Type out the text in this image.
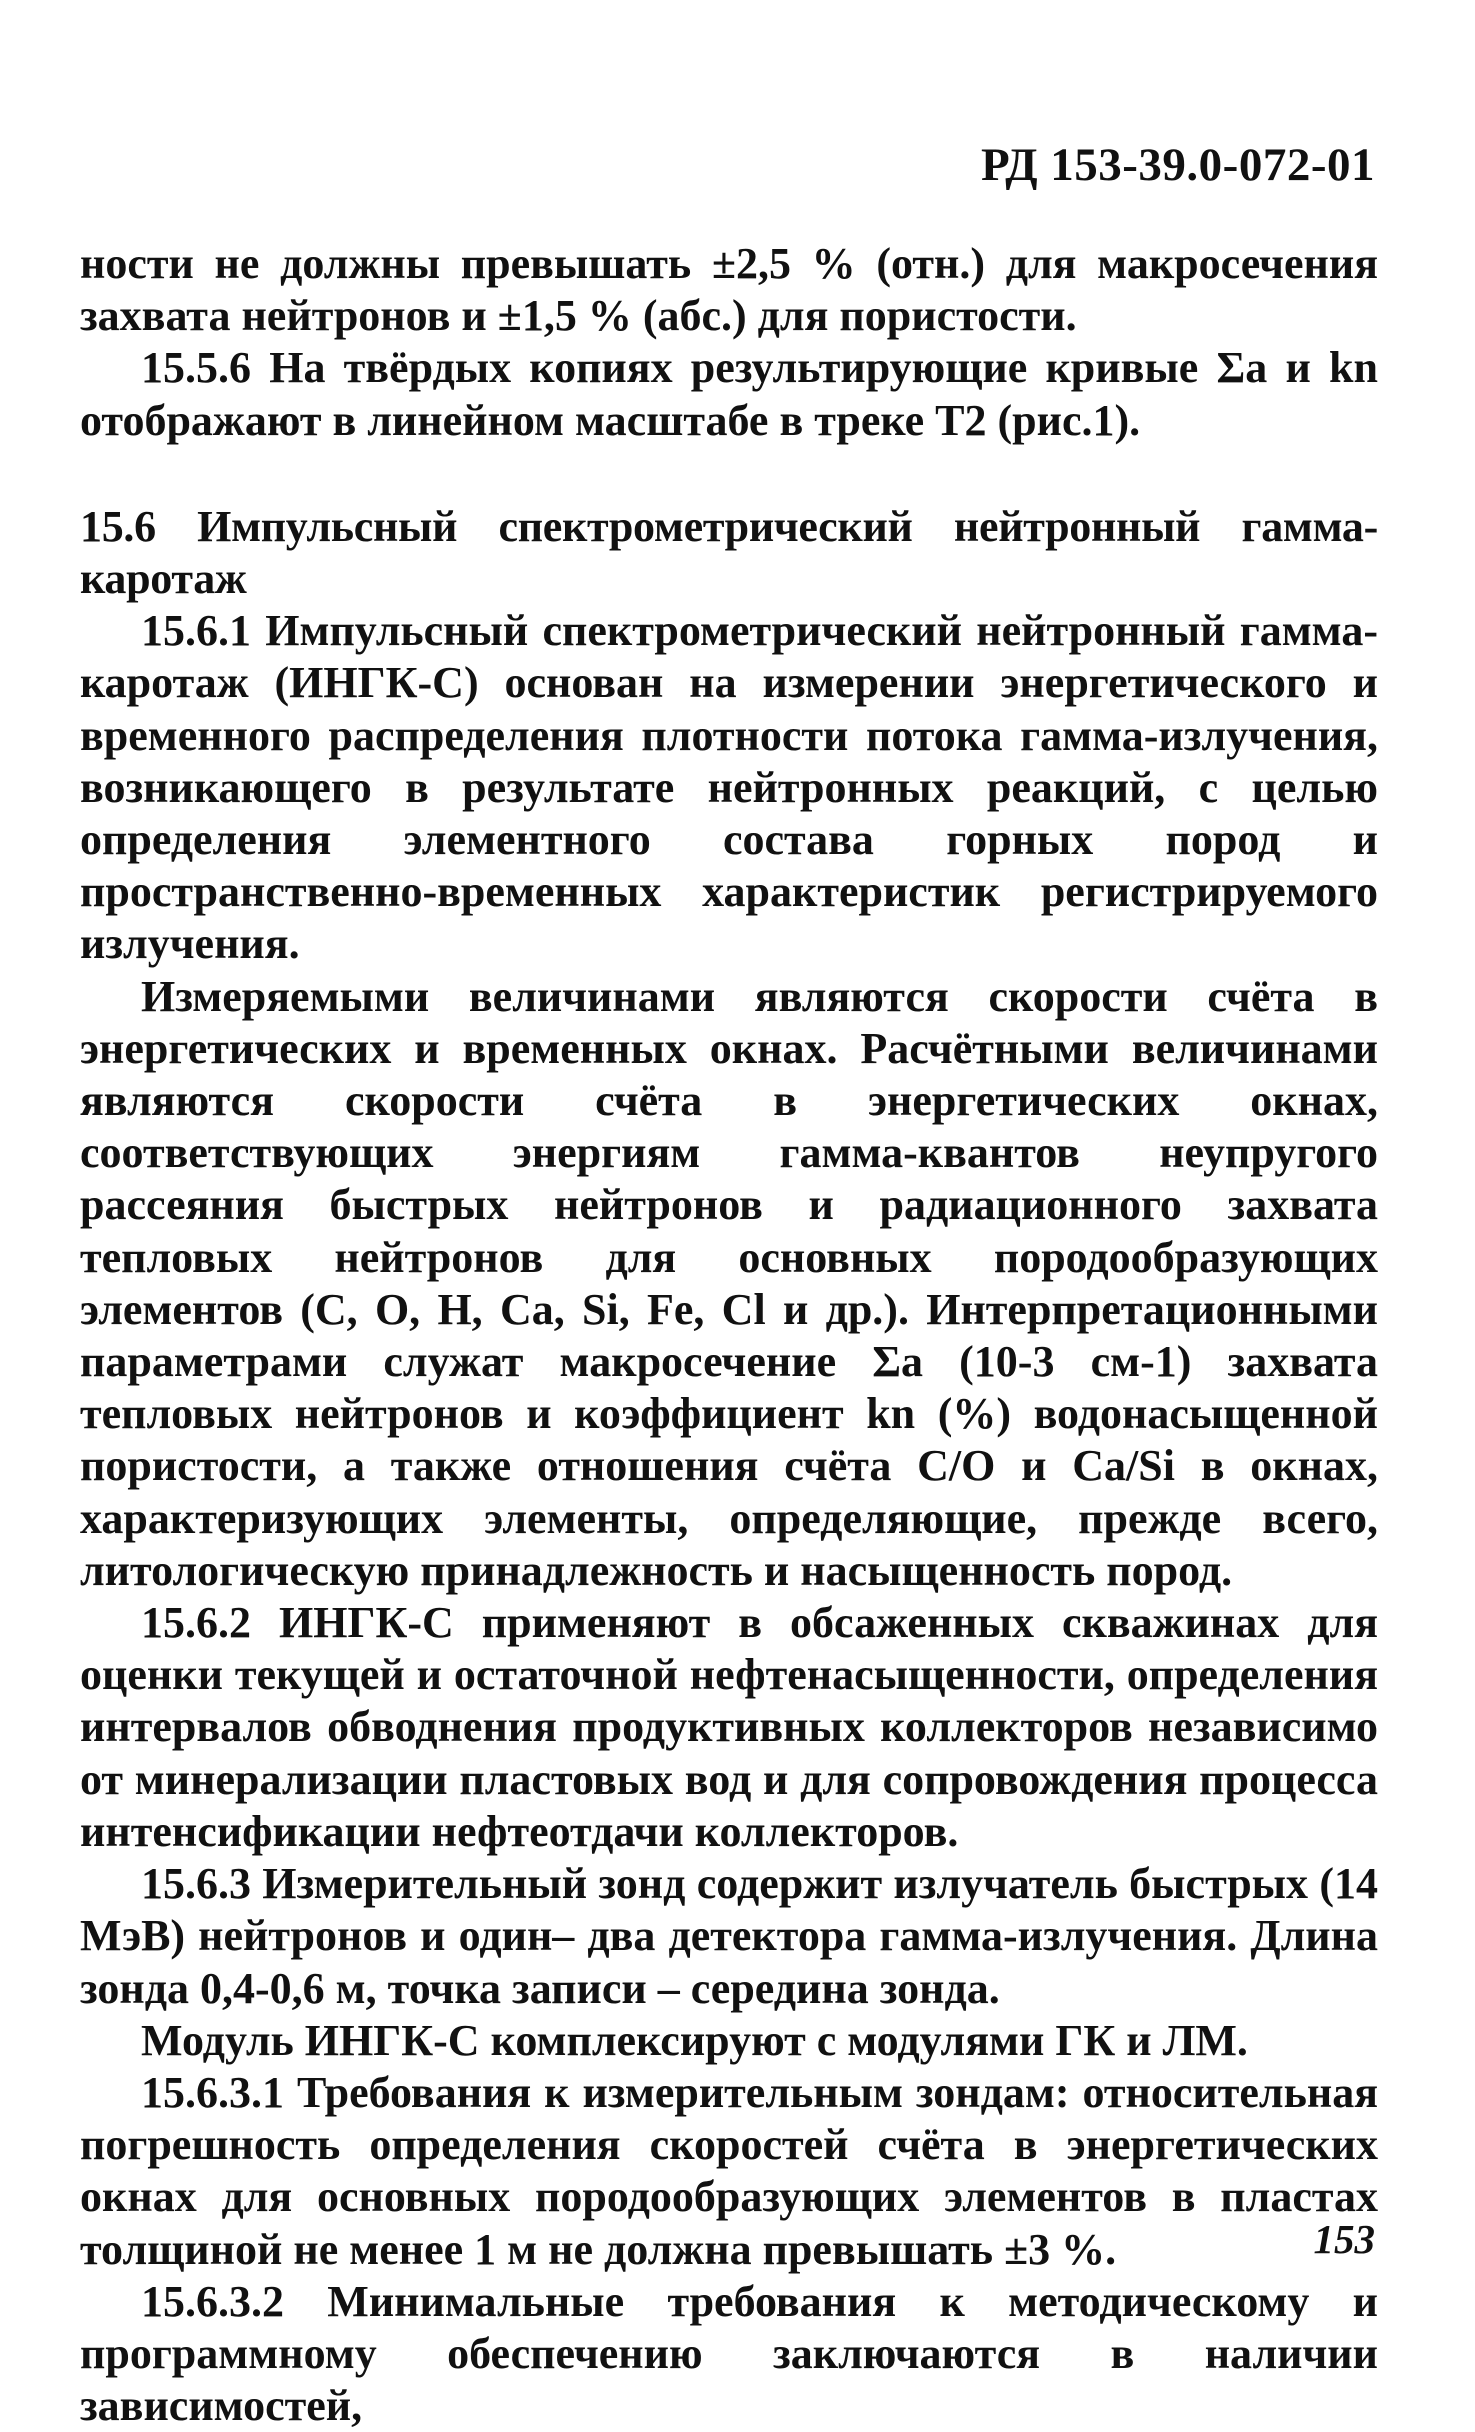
РД 153-39.0-072-01

ности не должны превышать ±2,5 % (отн.) для макросечения захвата нейтронов и ±1,5 % (абс.) для пористости.

15.5.6 На твёрдых копиях результирующие кривые Σa и kn отображают в линейном масштабе в треке Т2 (рис.1).

15.6 Импульсный спектрометрический нейтронный гамма-каротаж

15.6.1 Импульсный спектрометрический нейтронный гамма-каротаж (ИНГК-С) основан на измерении энергетического и временного распределения плотности потока гамма-излучения, возникающего в результате нейтронных реакций, с целью определения элементного состава горных пород и пространственно-временных характеристик регистрируемого излучения.

Измеряемыми величинами являются скорости счёта в энергетических и временных окнах. Расчётными величинами являются скорости счёта в энергетических окнах, соответствующих энергиям гамма-квантов неупругого рассеяния быстрых нейтронов и радиационного захвата тепловых нейтронов для основных породообразующих элементов (C, O, H, Ca, Si, Fe, Cl и др.). Интерпретационными параметрами служат макросечение Σa (10-3 см-1) захвата тепловых нейтронов и коэффициент kn (%) водонасыщенной пористости, а также отношения счёта C/O и Ca/Si в окнах, характеризующих элементы, определяющие, прежде всего, литологическую принадлежность и насыщенность пород.

15.6.2 ИНГК-С применяют в обсаженных скважинах для оценки текущей и остаточной нефтенасыщенности, определения интервалов обводнения продуктивных коллекторов независимо от минерализации пластовых вод и для сопровождения процесса интенсификации нефтеотдачи коллекторов.

15.6.3 Измерительный зонд содержит излучатель быстрых (14 МэВ) нейтронов и один– два детектора гамма-излучения. Длина зонда 0,4-0,6 м, точка записи – середина зонда.

Модуль ИНГК-С комплексируют с модулями ГК и ЛМ.

15.6.3.1 Требования к измерительным зондам: относительная погрешность определения скоростей счёта в энергетических окнах для основных породообразующих элементов в пластах толщиной не менее 1 м не должна превышать ±3 %.

15.6.3.2 Минимальные требования к методическому и программному обеспечению заключаются в наличии зависимостей,

153
